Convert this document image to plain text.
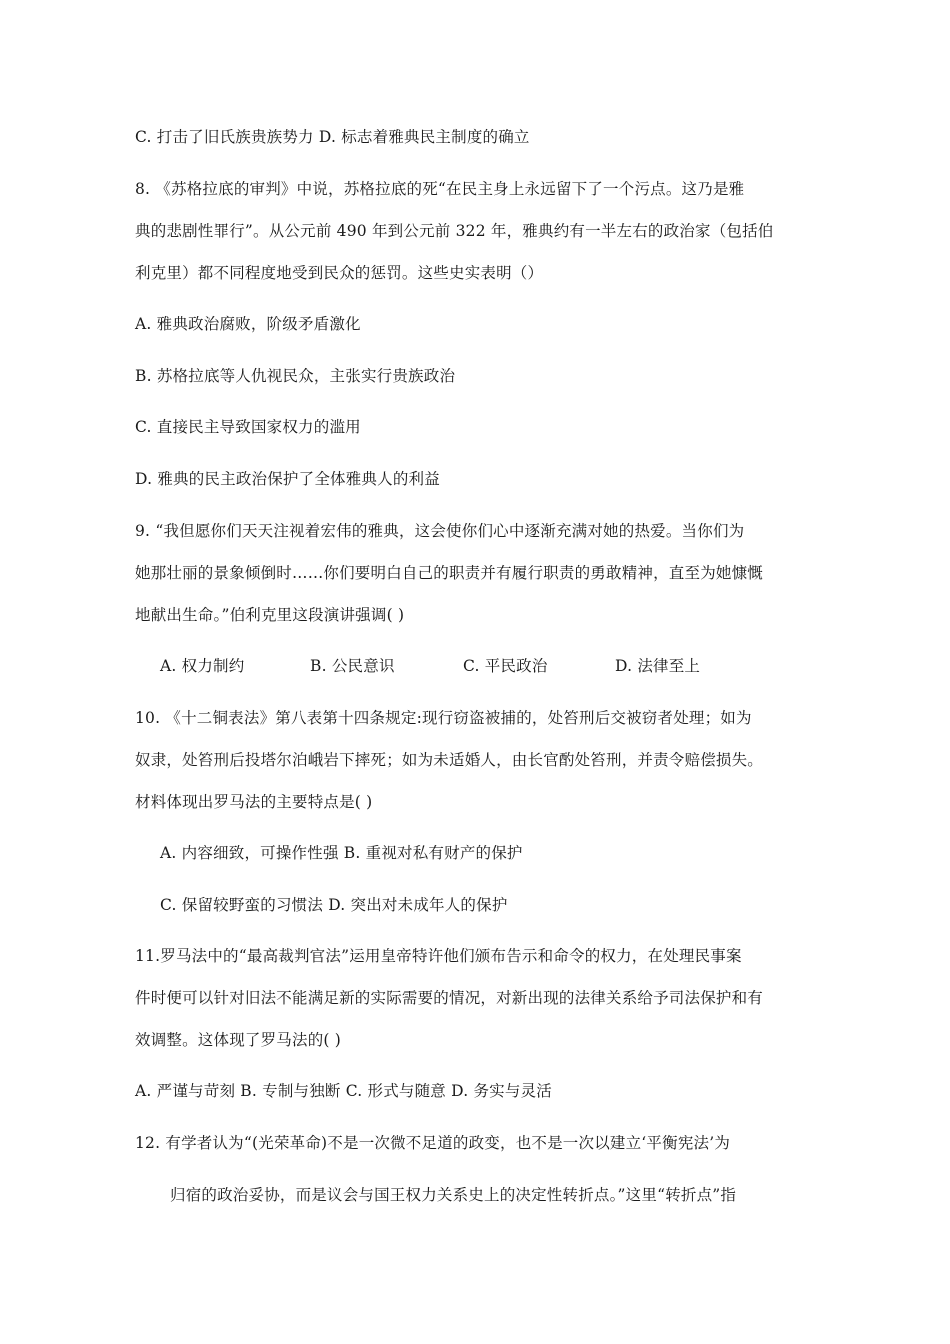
C. 打击了旧氏族贵族势力 D. 标志着雅典民主制度的确立
8. 《苏格拉底的审判》中说，苏格拉底的死“在民主身上永远留下了一个污点。这乃是雅
典的悲剧性罪行”。从公元前 490 年到公元前 322 年，雅典约有一半左右的政治家（包括伯
利克里）都不同程度地受到民众的惩罚。这些史实表明（）
A. 雅典政治腐败，阶级矛盾激化
B. 苏格拉底等人仇视民众，主张实行贵族政治
C. 直接民主导致国家权力的滥用
D. 雅典的民主政治保护了全体雅典人的利益
9. “我但愿你们天天注视着宏伟的雅典，这会使你们心中逐渐充满对她的热爱。当你们为
她那壮丽的景象倾倒时……你们要明白自己的职责并有履行职责的勇敢精神，直至为她慷慨
地献出生命。”伯利克里这段演讲强调( )
A. 权力制约	B. 公民意识	C. 平民政治	D. 法律至上
10. 《十二铜表法》第八表第十四条规定:现行窃盗被捕的，处笞刑后交被窃者处理；如为
奴隶，处笞刑后投塔尔泊峨岩下摔死；如为未适婚人，由长官酌处笞刑，并责令赔偿损失。
材料体现出罗马法的主要特点是( )
A. 内容细致，可操作性强 B. 重视对私有财产的保护
C. 保留较野蛮的习惯法 D. 突出对未成年人的保护
11.罗马法中的“最高裁判官法”运用皇帝特许他们颁布告示和命令的权力，在处理民事案
件时便可以针对旧法不能满足新的实际需要的情况，对新出现的法律关系给予司法保护和有
效调整。这体现了罗马法的( )
A. 严谨与苛刻 B. 专制与独断 C. 形式与随意 D. 务实与灵活
12. 有学者认为“(光荣革命)不是一次微不足道的政变，也不是一次以建立‘平衡宪法’为
归宿的政治妥协，而是议会与国王权力关系史上的决定性转折点。”这里“转折点”指
